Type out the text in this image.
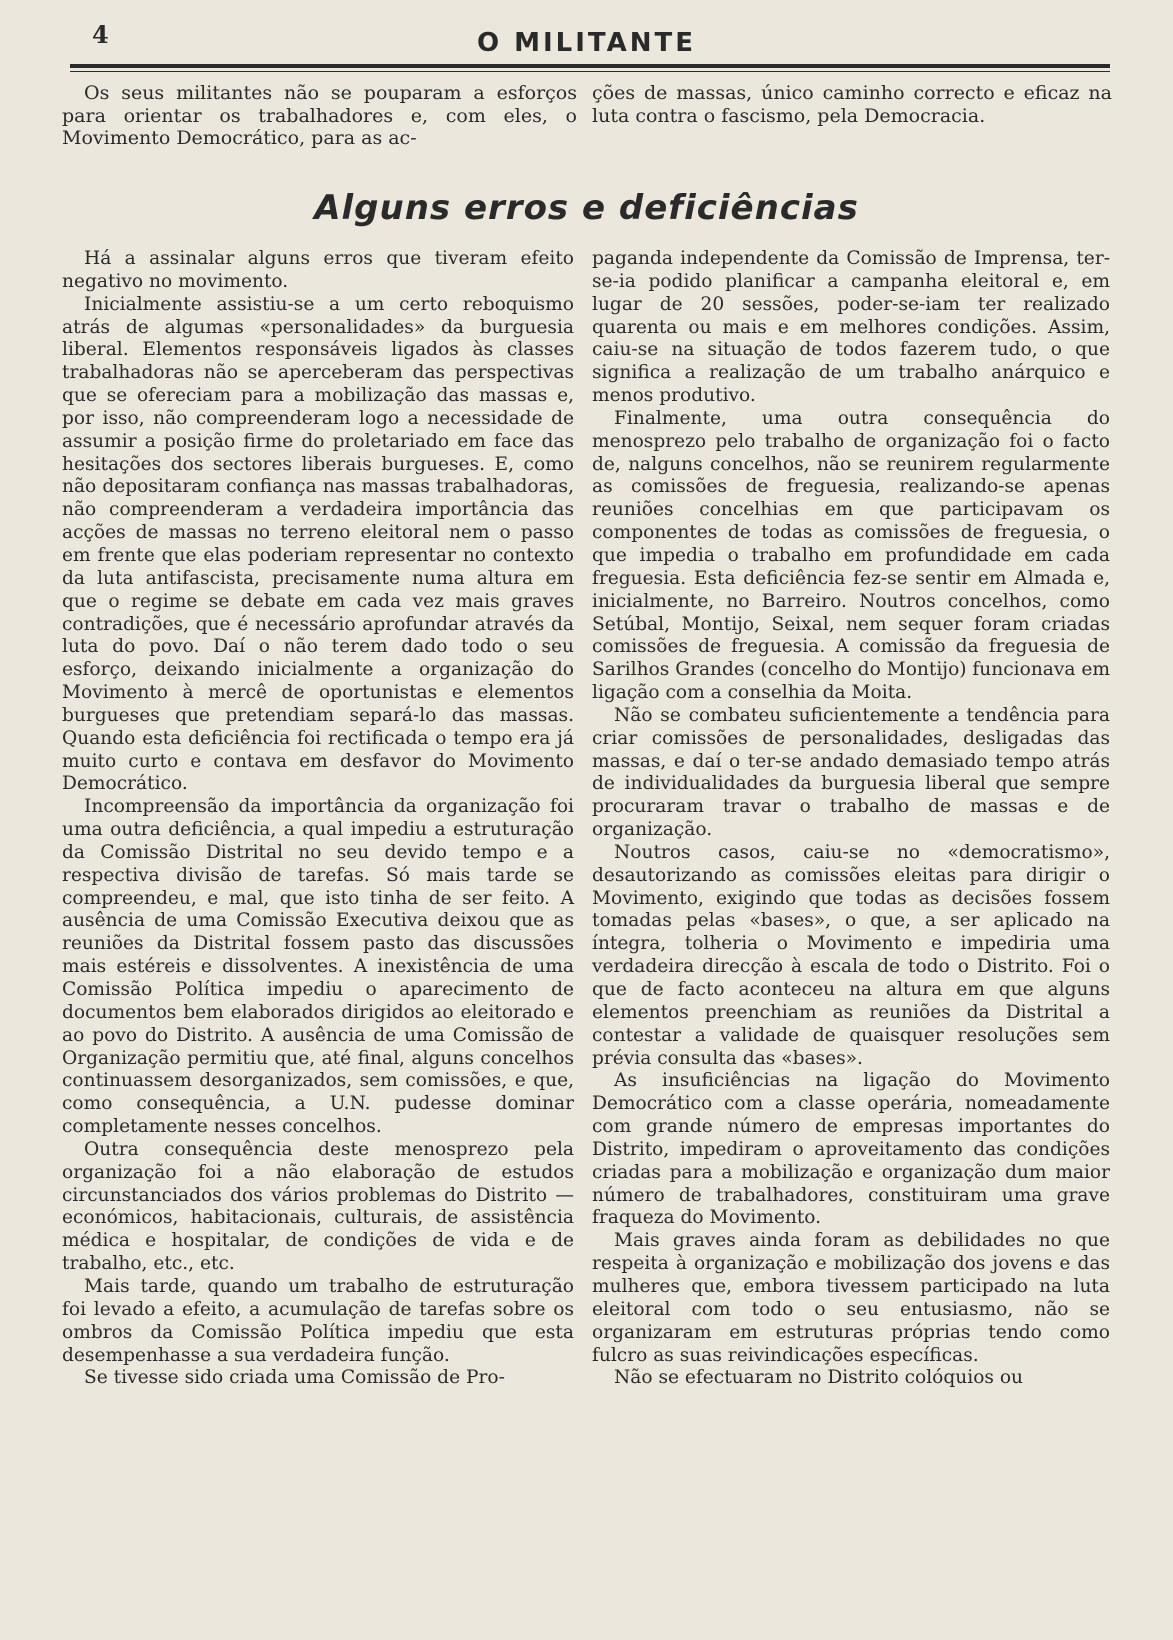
4	O MILITANTE

Os seus militantes não se pouparam a esforços para orientar os trabalhadores e, com eles, o Movimento Democrático, para as ac-

ções de massas, único caminho correcto e eficaz na luta contra o fascismo, pela Democracia.

Alguns erros e deficiências

Há a assinalar alguns erros que tiveram efeito negativo no movimento.

Inicialmente assistiu-se a um certo reboquismo atrás de algumas «personalidades» da burguesia liberal. Elementos responsáveis ligados às classes trabalhadoras não se aperceberam das perspectivas que se ofereciam para a mobilização das massas e, por isso, não compreenderam logo a necessidade de assumir a posição firme do proletariado em face das hesitações dos sectores liberais burgueses. E, como não depositaram confiança nas massas trabalhadoras, não compreenderam a verdadeira importância das acções de massas no terreno eleitoral nem o passo em frente que elas poderiam representar no contexto da luta antifascista, precisamente numa altura em que o regime se debate em cada vez mais graves contradições, que é necessário aprofundar através da luta do povo. Daí o não terem dado todo o seu esforço, deixando inicialmente a organização do Movimento à mercê de oportunistas e elementos burgueses que pretendiam separá-lo das massas. Quando esta deficiência foi rectificada o tempo era já muito curto e contava em desfavor do Movimento Democrático.

Incompreensão da importância da organização foi uma outra deficiência, a qual impediu a estruturação da Comissão Distrital no seu devido tempo e a respectiva divisão de tarefas. Só mais tarde se compreendeu, e mal, que isto tinha de ser feito. A ausência de uma Comissão Executiva deixou que as reuniões da Distrital fossem pasto das discussões mais estéreis e dissolventes. A inexistência de uma Comissão Política impediu o aparecimento de documentos bem elaborados dirigidos ao eleitorado e ao povo do Distrito. A ausência de uma Comissão de Organização permitiu que, até final, alguns concelhos continuassem desorganizados, sem comissões, e que, como consequência, a U.N. pudesse dominar completamente nesses concelhos.

Outra consequência deste menosprezo pela organização foi a não elaboração de estudos circunstanciados dos vários problemas do Distrito — económicos, habitacionais, culturais, de assistência médica e hospitalar, de condições de vida e de trabalho, etc., etc.

Mais tarde, quando um trabalho de estruturação foi levado a efeito, a acumulação de tarefas sobre os ombros da Comissão Política impediu que esta desempenhasse a sua verdadeira função.

Se tivesse sido criada uma Comissão de Pro-

paganda independente da Comissão de Imprensa, ter-se-ia podido planificar a campanha eleitoral e, em lugar de 20 sessões, poder-se-iam ter realizado quarenta ou mais e em melhores condições. Assim, caiu-se na situação de todos fazerem tudo, o que significa a realização de um trabalho anárquico e menos produtivo.

Finalmente, uma outra consequência do menosprezo pelo trabalho de organização foi o facto de, nalguns concelhos, não se reunirem regularmente as comissões de freguesia, realizando-se apenas reuniões concelhias em que participavam os componentes de todas as comissões de freguesia, o que impedia o trabalho em profundidade em cada freguesia. Esta deficiência fez-se sentir em Almada e, inicialmente, no Barreiro. Noutros concelhos, como Setúbal, Montijo, Seixal, nem sequer foram criadas comissões de freguesia. A comissão da freguesia de Sarilhos Grandes (concelho do Montijo) funcionava em ligação com a conselhia da Moita.

Não se combateu suficientemente a tendência para criar comissões de personalidades, desligadas das massas, e daí o ter-se andado demasiado tempo atrás de individualidades da burguesia liberal que sempre procuraram travar o trabalho de massas e de organização.

Noutros casos, caiu-se no «democratismo», desautorizando as comissões eleitas para dirigir o Movimento, exigindo que todas as decisões fossem tomadas pelas «bases», o que, a ser aplicado na íntegra, tolheria o Movimento e impediria uma verdadeira direcção à escala de todo o Distrito. Foi o que de facto aconteceu na altura em que alguns elementos preenchiam as reuniões da Distrital a contestar a validade de quaisquer resoluções sem prévia consulta das «bases».

As insuficiências na ligação do Movimento Democrático com a classe operária, nomeadamente com grande número de empresas importantes do Distrito, impediram o aproveitamento das condições criadas para a mobilização e organização dum maior número de trabalhadores, constituiram uma grave fraqueza do Movimento.

Mais graves ainda foram as debilidades no que respeita à organização e mobilização dos jovens e das mulheres que, embora tivessem participado na luta eleitoral com todo o seu entusiasmo, não se organizaram em estruturas próprias tendo como fulcro as suas reivindicações específicas.

Não se efectuaram no Distrito colóquios ou
